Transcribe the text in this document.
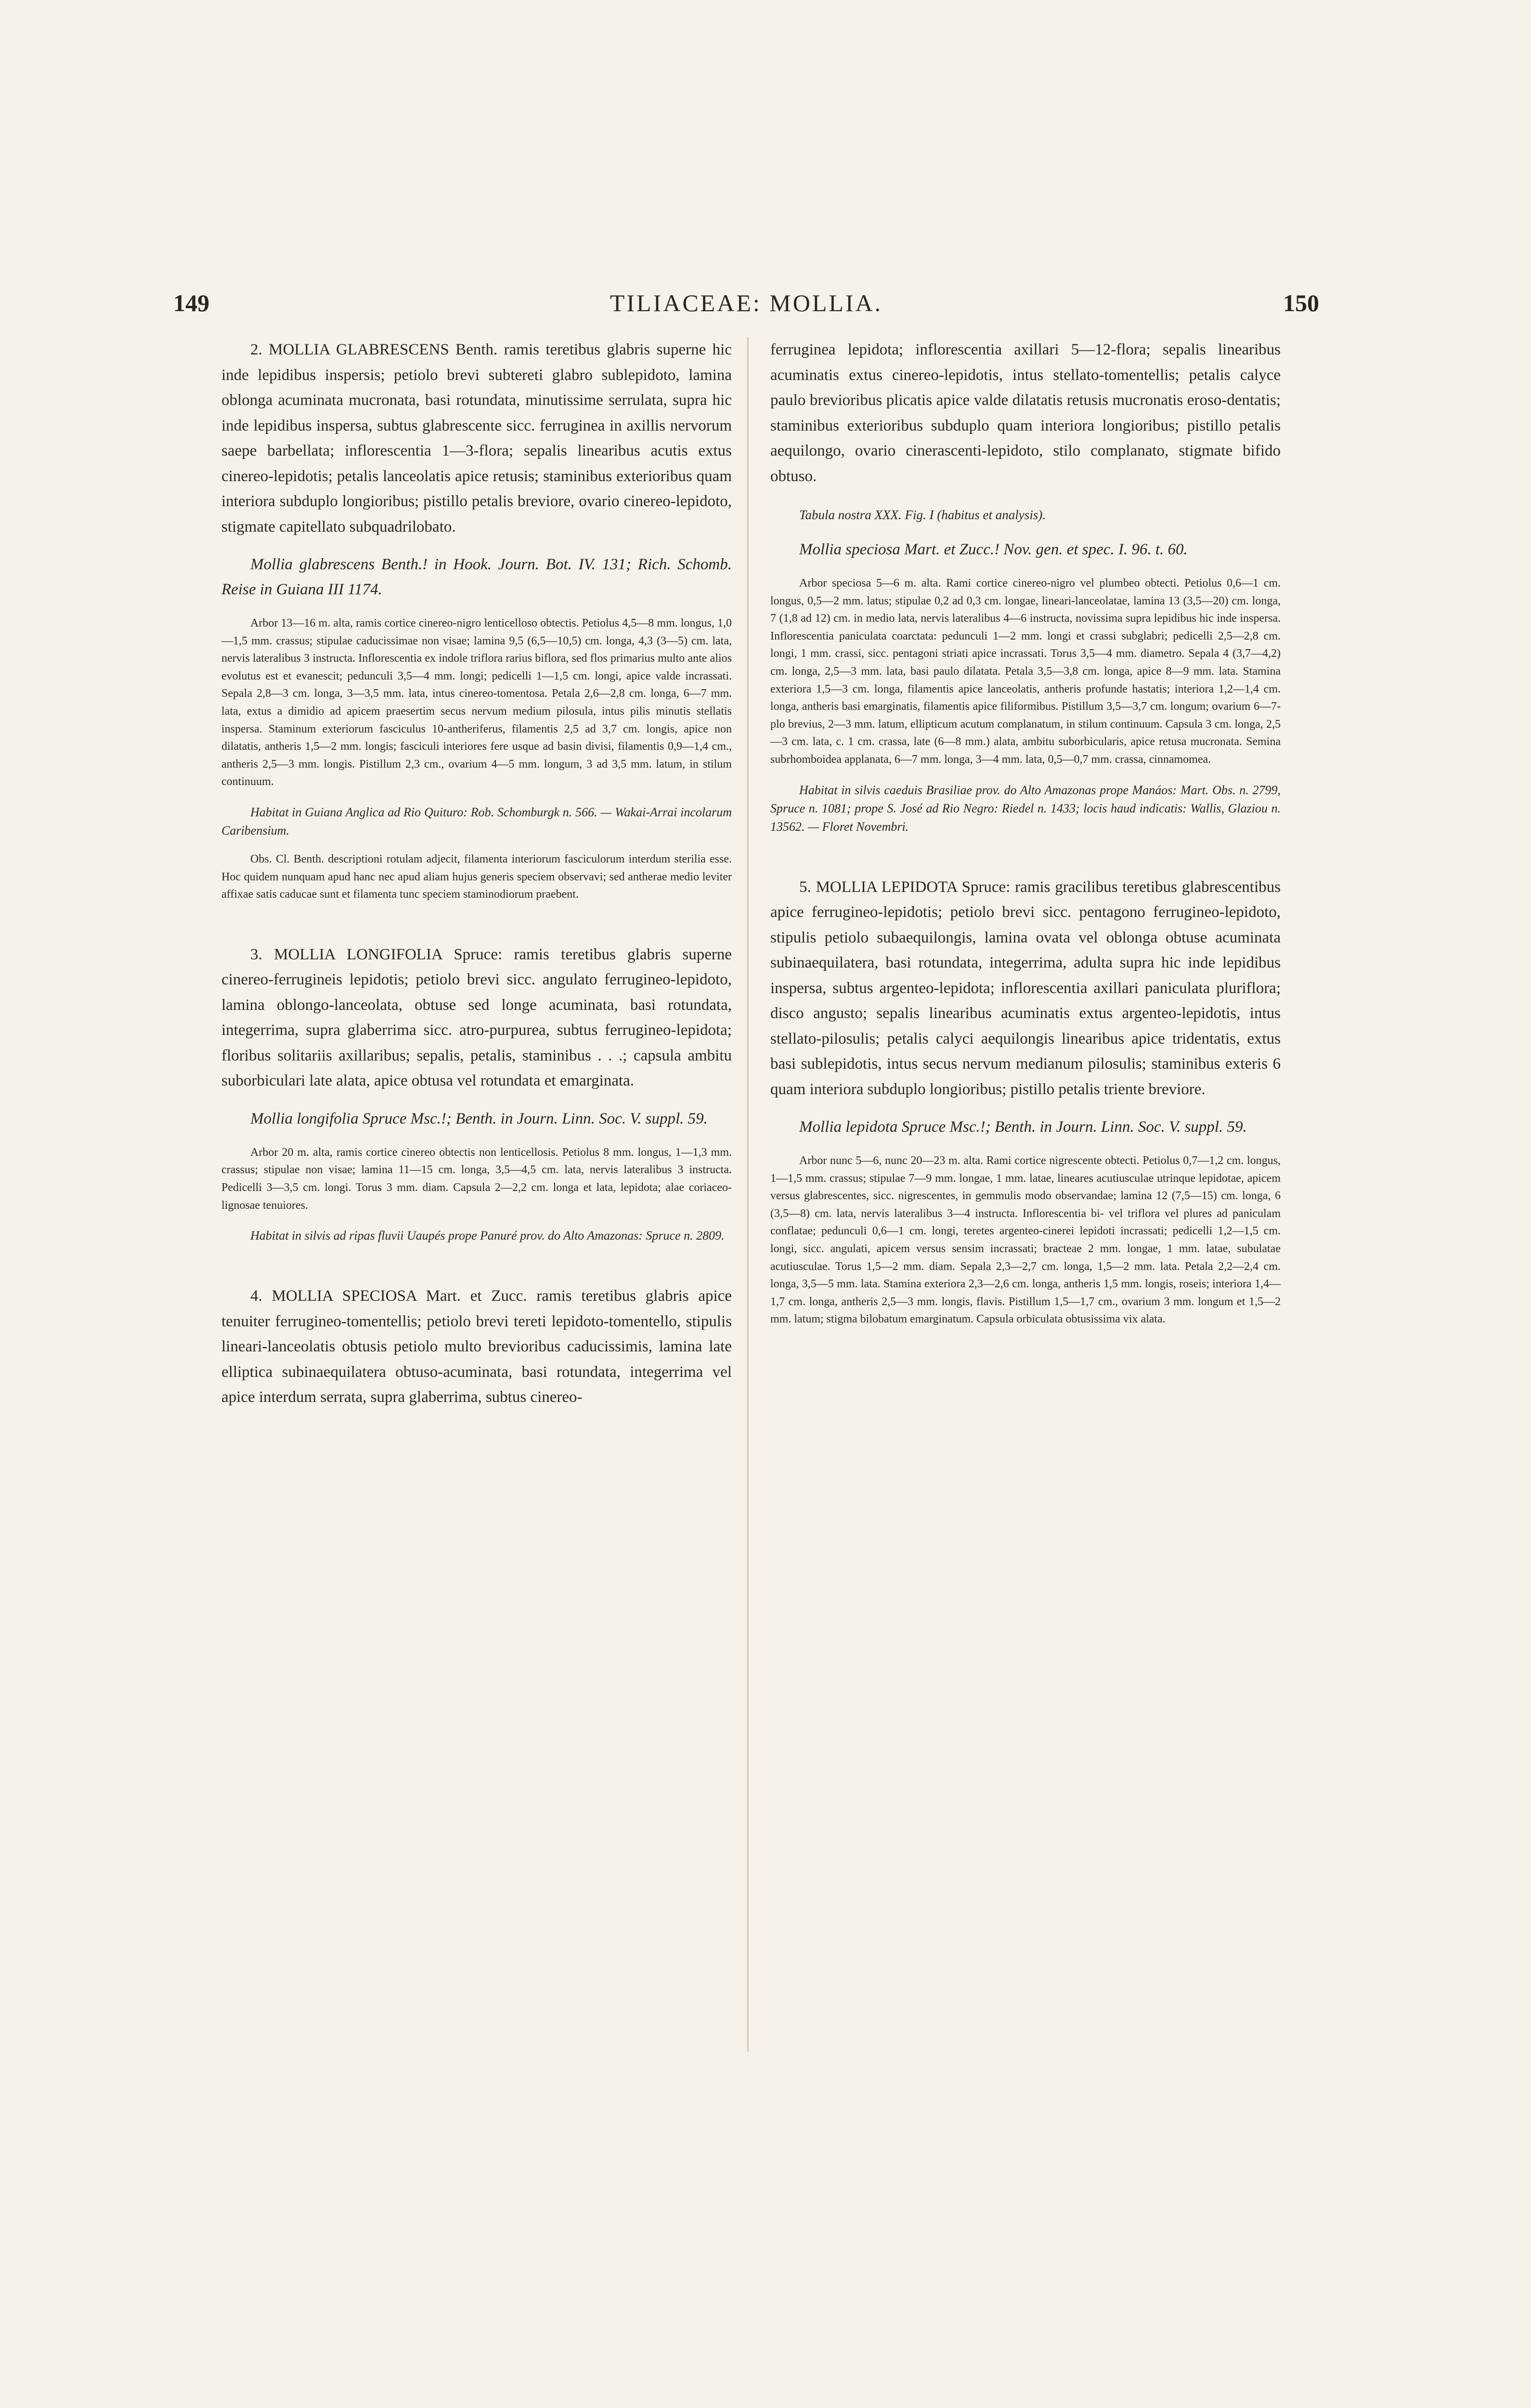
149	TILIACEAE: MOLLIA.	150

2. MOLLIA GLABRESCENS Benth. ramis teretibus glabris superne hic inde lepidibus inspersis; petiolo brevi subtereti glabro sublepidoto, lamina oblonga acuminata mucronata, basi rotundata, minutissime serrulata, supra hic inde lepidibus inspersa, subtus glabrescente sicc. ferruginea in axillis nervorum saepe barbellata; inflorescentia 1—3-flora; sepalis linearibus acutis extus cinereo-lepidotis; petalis lanceolatis apice retusis; staminibus exterioribus quam interiora subduplo longioribus; pistillo petalis breviore, ovario cinereo-lepidoto, stigmate capitellato subquadrilobato.

Mollia glabrescens Benth.! in Hook. Journ. Bot. IV. 131; Rich. Schomb. Reise in Guiana III 1174.

Arbor 13—16 m. alta, ramis cortice cinereo-nigro lenticelloso obtectis. Petiolus 4,5—8 mm. longus, 1,0—1,5 mm. crassus; stipulae caducissimae non visae; lamina 9,5 (6,5—10,5) cm. longa, 4,3 (3—5) cm. lata, nervis lateralibus 3 instructa. Inflorescentia ex indole triflora rarius biflora, sed flos primarius multo ante alios evolutus est et evanescit; pedunculi 3,5—4 mm. longi; pedicelli 1—1,5 cm. longi, apice valde incrassati. Sepala 2,8—3 cm. longa, 3—3,5 mm. lata, intus cinereo-tomentosa. Petala 2,6—2,8 cm. longa, 6—7 mm. lata, extus a dimidio ad apicem praesertim secus nervum medium pilosula, intus pilis minutis stellatis inspersa. Staminum exteriorum fasciculus 10-antheriferus, filamentis 2,5 ad 3,7 cm. longis, apice non dilatatis, antheris 1,5—2 mm. longis; fasciculi interiores fere usque ad basin divisi, filamentis 0,9—1,4 cm., antheris 2,5—3 mm. longis. Pistillum 2,3 cm., ovarium 4—5 mm. longum, 3 ad 3,5 mm. latum, in stilum continuum.

Habitat in Guiana Anglica ad Rio Quituro: Rob. Schomburgk n. 566. — Wakai-Arrai incolarum Caribensium.

Obs. Cl. Benth. descriptioni rotulam adjecit, filamenta interiorum fasciculorum interdum sterilia esse. Hoc quidem nunquam apud hanc nec apud aliam hujus generis speciem observavi; sed antherae medio leviter affixae satis caducae sunt et filamenta tunc speciem staminodiorum praebent.

3. MOLLIA LONGIFOLIA Spruce: ramis teretibus glabris superne cinereo-ferrugineis lepidotis; petiolo brevi sicc. angulato ferrugineo-lepidoto, lamina oblongo-lanceolata, obtuse sed longe acuminata, basi rotundata, integerrima, supra glaberrima sicc. atro-purpurea, subtus ferrugineo-lepidota; floribus solitariis axillaribus; sepalis, petalis, staminibus . . .; capsula ambitu suborbiculari late alata, apice obtusa vel rotundata et emarginata.

Mollia longifolia Spruce Msc.!; Benth. in Journ. Linn. Soc. V. suppl. 59.

Arbor 20 m. alta, ramis cortice cinereo obtectis non lenticellosis. Petiolus 8 mm. longus, 1—1,3 mm. crassus; stipulae non visae; lamina 11—15 cm. longa, 3,5—4,5 cm. lata, nervis lateralibus 3 instructa. Pedicelli 3—3,5 cm. longi. Torus 3 mm. diam. Capsula 2—2,2 cm. longa et lata, lepidota; alae coriaceo-lignosae tenuiores.

Habitat in silvis ad ripas fluvii Uaupés prope Panuré prov. do Alto Amazonas: Spruce n. 2809.

4. MOLLIA SPECIOSA Mart. et Zucc. ramis teretibus glabris apice tenuiter ferrugineo-tomentellis; petiolo brevi tereti lepidoto-tomentello, stipulis lineari-lanceolatis obtusis petiolo multo brevioribus caducissimis, lamina late elliptica subinaequilatera obtuso-acuminata, basi rotundata, integerrima vel apice interdum serrata, supra glaberrima, subtus cinereo-

ferruginea lepidota; inflorescentia axillari 5—12-flora; sepalis linearibus acuminatis extus cinereo-lepidotis, intus stellato-tomentellis; petalis calyce paulo brevioribus plicatis apice valde dilatatis retusis mucronatis eroso-dentatis; staminibus exterioribus subduplo quam interiora longioribus; pistillo petalis aequilongo, ovario cinerascenti-lepidoto, stilo complanato, stigmate bifido obtuso.

Tabula nostra XXX. Fig. I (habitus et analysis).

Mollia speciosa Mart. et Zucc.! Nov. gen. et spec. I. 96. t. 60.

Arbor speciosa 5—6 m. alta. Rami cortice cinereo-nigro vel plumbeo obtecti. Petiolus 0,6—1 cm. longus, 0,5—2 mm. latus; stipulae 0,2 ad 0,3 cm. longae, lineari-lanceolatae, lamina 13 (3,5—20) cm. longa, 7 (1,8 ad 12) cm. in medio lata, nervis lateralibus 4—6 instructa, novissima supra lepidibus hic inde inspersa. Inflorescentia paniculata coarctata: pedunculi 1—2 mm. longi et crassi subglabri; pedicelli 2,5—2,8 cm. longi, 1 mm. crassi, sicc. pentagoni striati apice incrassati. Torus 3,5—4 mm. diametro. Sepala 4 (3,7—4,2) cm. longa, 2,5—3 mm. lata, basi paulo dilatata. Petala 3,5—3,8 cm. longa, apice 8—9 mm. lata. Stamina exteriora 1,5—3 cm. longa, filamentis apice lanceolatis, antheris profunde hastatis; interiora 1,2—1,4 cm. longa, antheris basi emarginatis, filamentis apice filiformibus. Pistillum 3,5—3,7 cm. longum; ovarium 6—7-plo brevius, 2—3 mm. latum, ellipticum acutum complanatum, in stilum continuum. Capsula 3 cm. longa, 2,5—3 cm. lata, c. 1 cm. crassa, late (6—8 mm.) alata, ambitu suborbicularis, apice retusa mucronata. Semina subrhomboidea applanata, 6—7 mm. longa, 3—4 mm. lata, 0,5—0,7 mm. crassa, cinnamomea.

Habitat in silvis caeduis Brasiliae prov. do Alto Amazonas prope Manáos: Mart. Obs. n. 2799, Spruce n. 1081; prope S. José ad Rio Negro: Riedel n. 1433; locis haud indicatis: Wallis, Glaziou n. 13562. — Floret Novembri.

5. MOLLIA LEPIDOTA Spruce: ramis gracilibus teretibus glabrescentibus apice ferrugineo-lepidotis; petiolo brevi sicc. pentagono ferrugineo-lepidoto, stipulis petiolo subaequilongis, lamina ovata vel oblonga obtuse acuminata subinaequilatera, basi rotundata, integerrima, adulta supra hic inde lepidibus inspersa, subtus argenteo-lepidota; inflorescentia axillari paniculata pluriflora; disco angusto; sepalis linearibus acuminatis extus argenteo-lepidotis, intus stellato-pilosulis; petalis calyci aequilongis linearibus apice tridentatis, extus basi sublepidotis, intus secus nervum medianum pilosulis; staminibus exteris 6 quam interiora subduplo longioribus; pistillo petalis triente breviore.

Mollia lepidota Spruce Msc.!; Benth. in Journ. Linn. Soc. V. suppl. 59.

Arbor nunc 5—6, nunc 20—23 m. alta. Rami cortice nigrescente obtecti. Petiolus 0,7—1,2 cm. longus, 1—1,5 mm. crassus; stipulae 7—9 mm. longae, 1 mm. latae, lineares acutiusculae utrinque lepidotae, apicem versus glabrescentes, sicc. nigrescentes, in gemmulis modo observandae; lamina 12 (7,5—15) cm. longa, 6 (3,5—8) cm. lata, nervis lateralibus 3—4 instructa. Inflorescentia bi- vel triflora vel plures ad paniculam conflatae; pedunculi 0,6—1 cm. longi, teretes argenteo-cinerei lepidoti incrassati; pedicelli 1,2—1,5 cm. longi, sicc. angulati, apicem versus sensim incrassati; bracteae 2 mm. longae, 1 mm. latae, subulatae acutiusculae. Torus 1,5—2 mm. diam. Sepala 2,3—2,7 cm. longa, 1,5—2 mm. lata. Petala 2,2—2,4 cm. longa, 3,5—5 mm. lata. Stamina exteriora 2,3—2,6 cm. longa, antheris 1,5 mm. longis, roseis; interiora 1,4—1,7 cm. longa, antheris 2,5—3 mm. longis, flavis. Pistillum 1,5—1,7 cm., ovarium 3 mm. longum et 1,5—2 mm. latum; stigma bilobatum emarginatum. Capsula orbiculata obtusissima vix alata.
